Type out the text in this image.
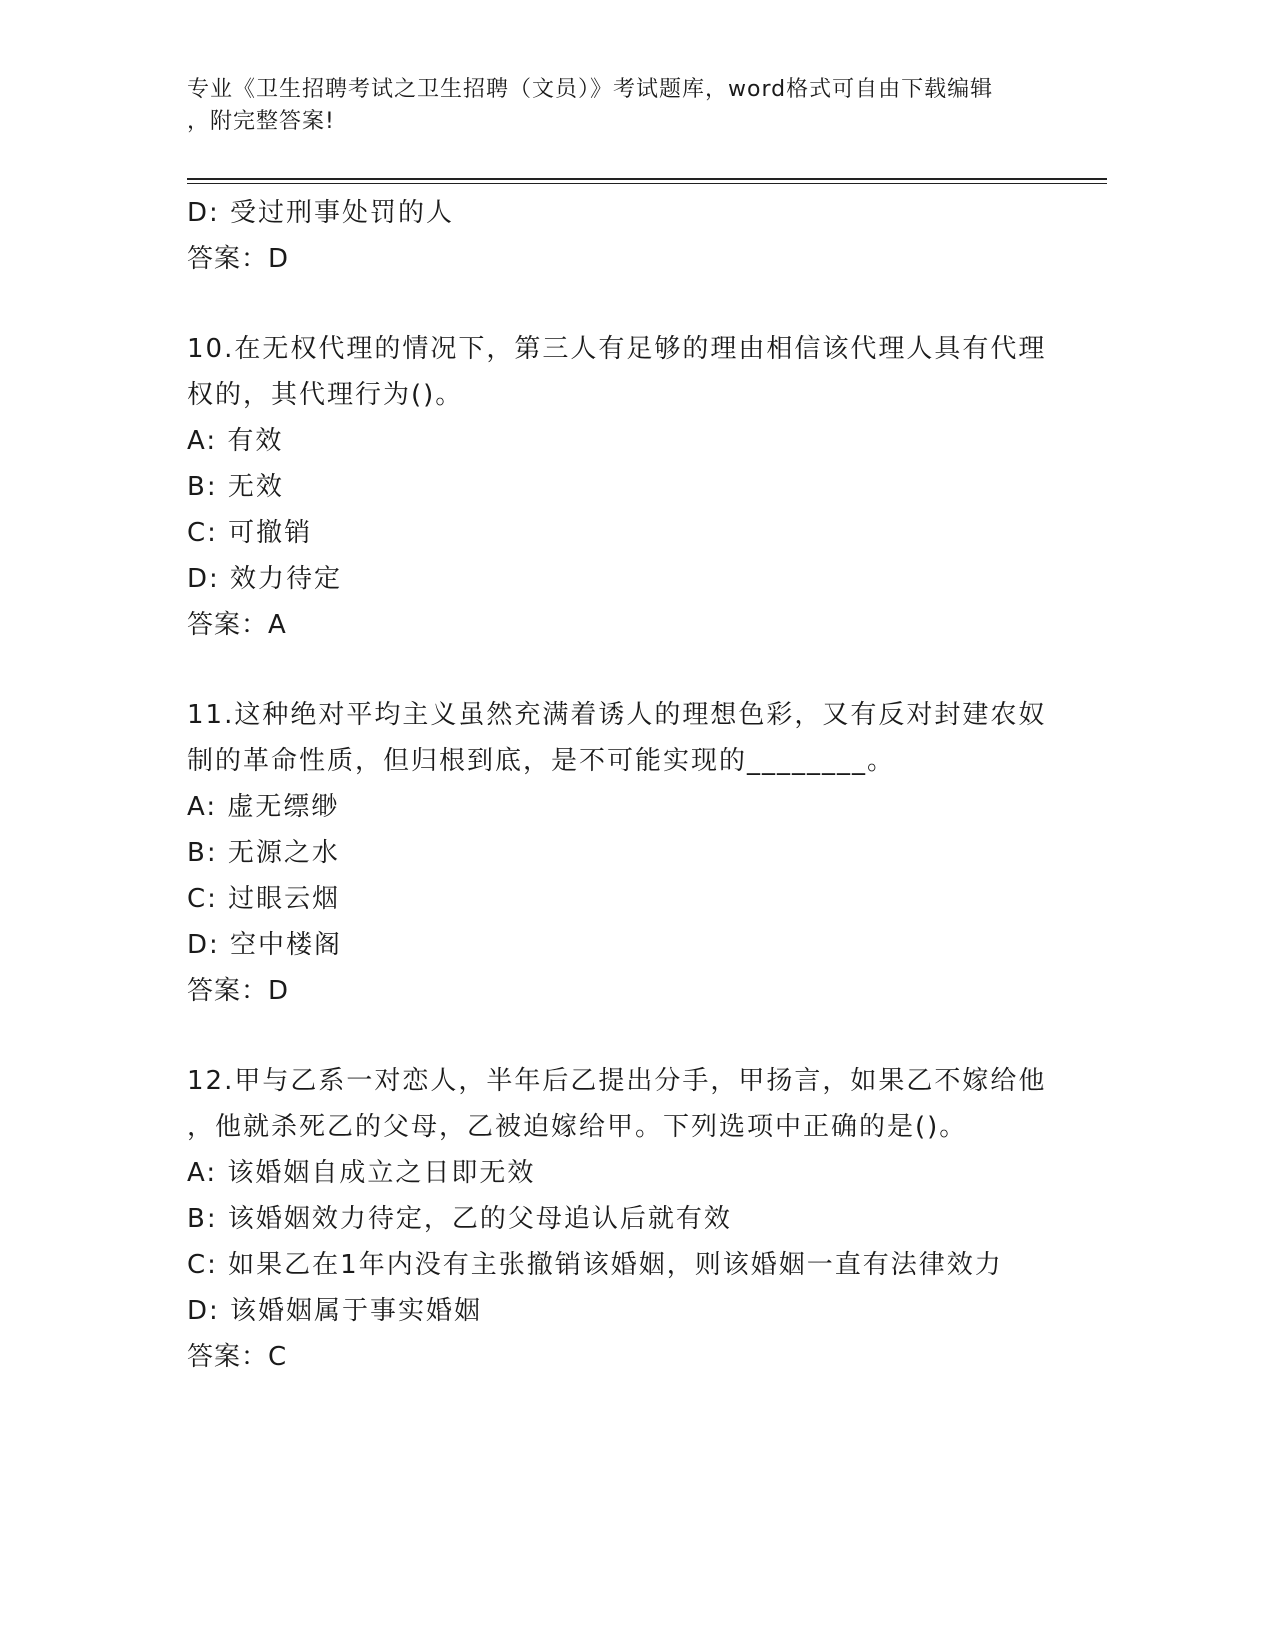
专业《卫生招聘考试之卫生招聘（文员）》考试题库，word格式可自由下载编辑
，附完整答案!
D: 受过刑事处罚的人
答案：D
10.在无权代理的情况下，第三人有足够的理由相信该代理人具有代理
权的，其代理行为()。
A: 有效
B: 无效
C: 可撤销
D: 效力待定
答案：A
11.这种绝对平均主义虽然充满着诱人的理想色彩，又有反对封建农奴
制的革命性质，但归根到底，是不可能实现的________。
A: 虚无缥缈
B: 无源之水
C: 过眼云烟
D: 空中楼阁
答案：D
12.甲与乙系一对恋人，半年后乙提出分手，甲扬言，如果乙不嫁给他
，他就杀死乙的父母，乙被迫嫁给甲。下列选项中正确的是()。
A: 该婚姻自成立之日即无效
B: 该婚姻效力待定，乙的父母追认后就有效
C: 如果乙在1年内没有主张撤销该婚姻，则该婚姻一直有法律效力
D: 该婚姻属于事实婚姻
答案：C
